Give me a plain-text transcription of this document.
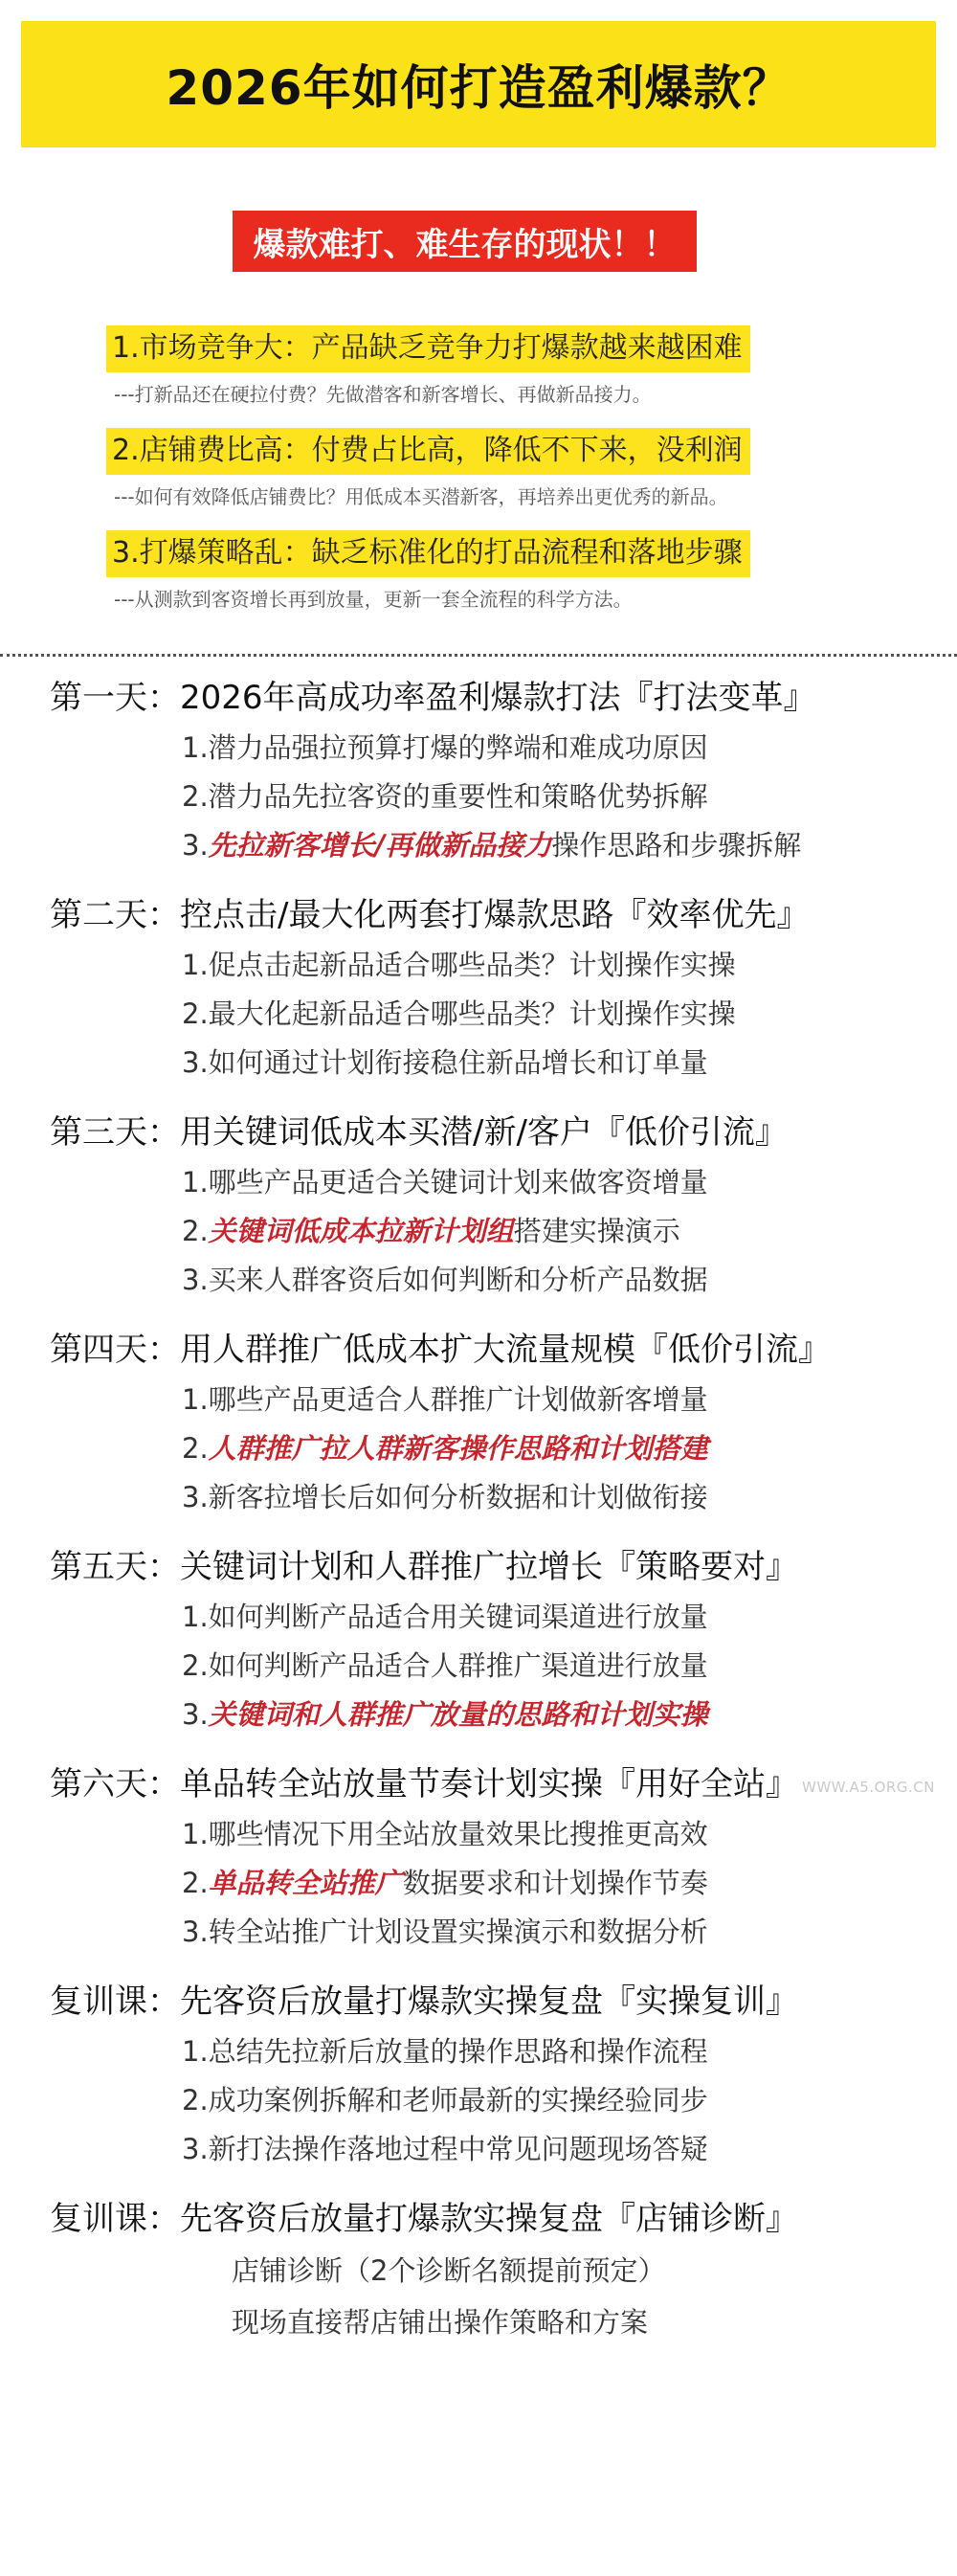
2026年如何打造盈利爆款？
爆款难打、难生存的现状！！
1.市场竞争大：产品缺乏竞争力打爆款越来越困难
---打新品还在硬拉付费？先做潜客和新客增长、再做新品接力。
2.店铺费比高：付费占比高，降低不下来，没利润
---如何有效降低店铺费比？用低成本买潜新客，再培养出更优秀的新品。
3.打爆策略乱：缺乏标准化的打品流程和落地步骤
---从测款到客资增长再到放量，更新一套全流程的科学方法。
第一天：2026年高成功率盈利爆款打法『打法变革』
1.潜力品强拉预算打爆的弊端和难成功原因
2.潜力品先拉客资的重要性和策略优势拆解
3.先拉新客增长/再做新品接力操作思路和步骤拆解
第二天：控点击/最大化两套打爆款思路『效率优先』
1.促点击起新品适合哪些品类？计划操作实操
2.最大化起新品适合哪些品类？计划操作实操
3.如何通过计划衔接稳住新品增长和订单量
第三天：用关键词低成本买潜/新/客户『低价引流』
1.哪些产品更适合关键词计划来做客资增量
2.关键词低成本拉新计划组搭建实操演示
3.买来人群客资后如何判断和分析产品数据
第四天：用人群推广低成本扩大流量规模『低价引流』
1.哪些产品更适合人群推广计划做新客增量
2.人群推广拉人群新客操作思路和计划搭建
3.新客拉增长后如何分析数据和计划做衔接
第五天：关键词计划和人群推广拉增长『策略要对』
1.如何判断产品适合用关键词渠道进行放量
2.如何判断产品适合人群推广渠道进行放量
3.关键词和人群推广放量的思路和计划实操
第六天：单品转全站放量节奏计划实操『用好全站』
1.哪些情况下用全站放量效果比搜推更高效
2.单品转全站推广数据要求和计划操作节奏
3.转全站推广计划设置实操演示和数据分析
复训课：先客资后放量打爆款实操复盘『实操复训』
1.总结先拉新后放量的操作思路和操作流程
2.成功案例拆解和老师最新的实操经验同步
3.新打法操作落地过程中常见问题现场答疑
复训课：先客资后放量打爆款实操复盘『店铺诊断』
店铺诊断（2个诊断名额提前预定）
现场直接帮店铺出操作策略和方案
WWW.A5.ORG.CN
